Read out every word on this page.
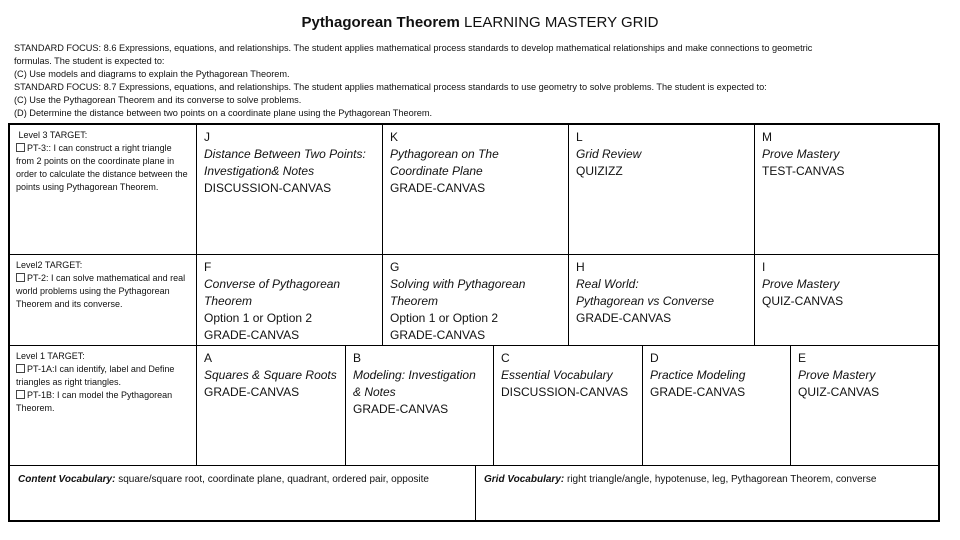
Pythagorean Theorem LEARNING MASTERY GRID
STANDARD FOCUS: 8.6 Expressions, equations, and relationships. The student applies mathematical process standards to develop mathematical relationships and make connections to geometric
formulas. The student is expected to:
(C) Use models and diagrams to explain the Pythagorean Theorem.
STANDARD FOCUS: 8.7 Expressions, equations, and relationships. The student applies mathematical process standards to use geometry to solve problems. The student is expected to:
(C) Use the Pythagorean Theorem and its converse to solve problems.
(D) Determine the distance between two points on a coordinate plane using the Pythagorean Theorem.
Level 3 TARGET:
PT-3:: I can construct a right triangle from 2 points on the coordinate plane in order to calculate the distance between the points using Pythagorean Theorem.
J
Distance Between Two Points:
Investigation& Notes
DISCUSSION-CANVAS
K
Pythagorean on The
Coordinate Plane
GRADE-CANVAS
L
Grid Review
QUIZIZZ
M
Prove Mastery
TEST-CANVAS
Level2 TARGET:
PT-2: I can solve mathematical and real world problems using the Pythagorean Theorem and its converse.
F
Converse of Pythagorean
Theorem
Option 1 or Option 2
GRADE-CANVAS
G
Solving with Pythagorean
Theorem
Option 1 or Option 2
GRADE-CANVAS
H
Real World:
Pythagorean vs Converse
GRADE-CANVAS
I
Prove Mastery
QUIZ-CANVAS
Level 1 TARGET:
PT-1A:I can identify, label and Define triangles as right triangles.
PT-1B: I can model the Pythagorean Theorem.
A
Squares & Square Roots
GRADE-CANVAS
B
Modeling: Investigation
& Notes
GRADE-CANVAS
C
Essential Vocabulary
DISCUSSION-CANVAS
D
Practice Modeling
GRADE-CANVAS
E
Prove Mastery
QUIZ-CANVAS
Content Vocabulary: square/square root, coordinate plane, quadrant, ordered pair, opposite	Grid Vocabulary: right triangle/angle, hypotenuse, leg, Pythagorean Theorem, converse
